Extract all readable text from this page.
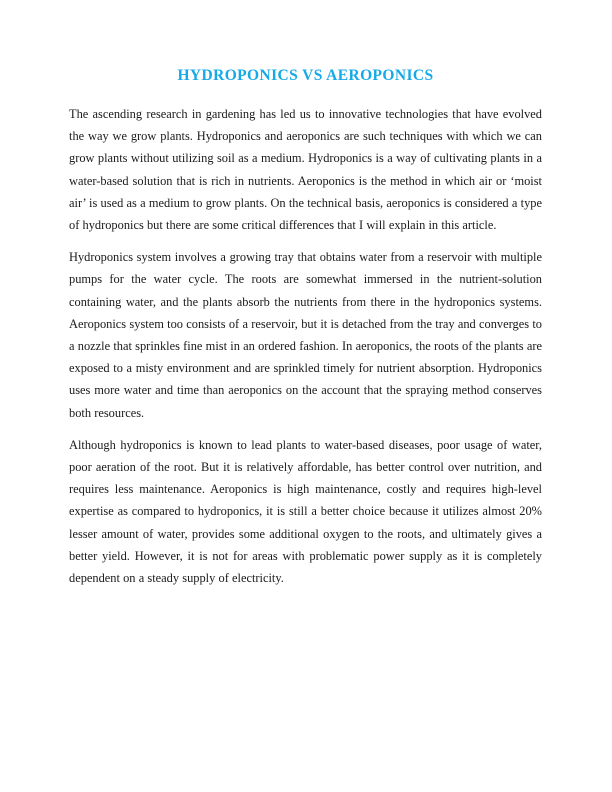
HYDROPONICS VS AEROPONICS

The ascending research in gardening has led us to innovative technologies that have evolved the way we grow plants. Hydroponics and aeroponics are such techniques with which we can grow plants without utilizing soil as a medium. Hydroponics is a way of cultivating plants in a water-based solution that is rich in nutrients. Aeroponics is the method in which air or ‘moist air’ is used as a medium to grow plants. On the technical basis, aeroponics is considered a type of hydroponics but there are some critical differences that I will explain in this article.

Hydroponics system involves a growing tray that obtains water from a reservoir with multiple pumps for the water cycle. The roots are somewhat immersed in the nutrient-solution containing water, and the plants absorb the nutrients from there in the hydroponics systems. Aeroponics system too consists of a reservoir, but it is detached from the tray and converges to a nozzle that sprinkles fine mist in an ordered fashion. In aeroponics, the roots of the plants are exposed to a misty environment and are sprinkled timely for nutrient absorption. Hydroponics uses more water and time than aeroponics on the account that the spraying method conserves both resources.

Although hydroponics is known to lead plants to water-based diseases, poor usage of water, poor aeration of the root. But it is relatively affordable, has better control over nutrition, and requires less maintenance. Aeroponics is high maintenance, costly and requires high-level expertise as compared to hydroponics, it is still a better choice because it utilizes almost 20% lesser amount of water, provides some additional oxygen to the roots, and ultimately gives a better yield. However, it is not for areas with problematic power supply as it is completely dependent on a steady supply of electricity.
